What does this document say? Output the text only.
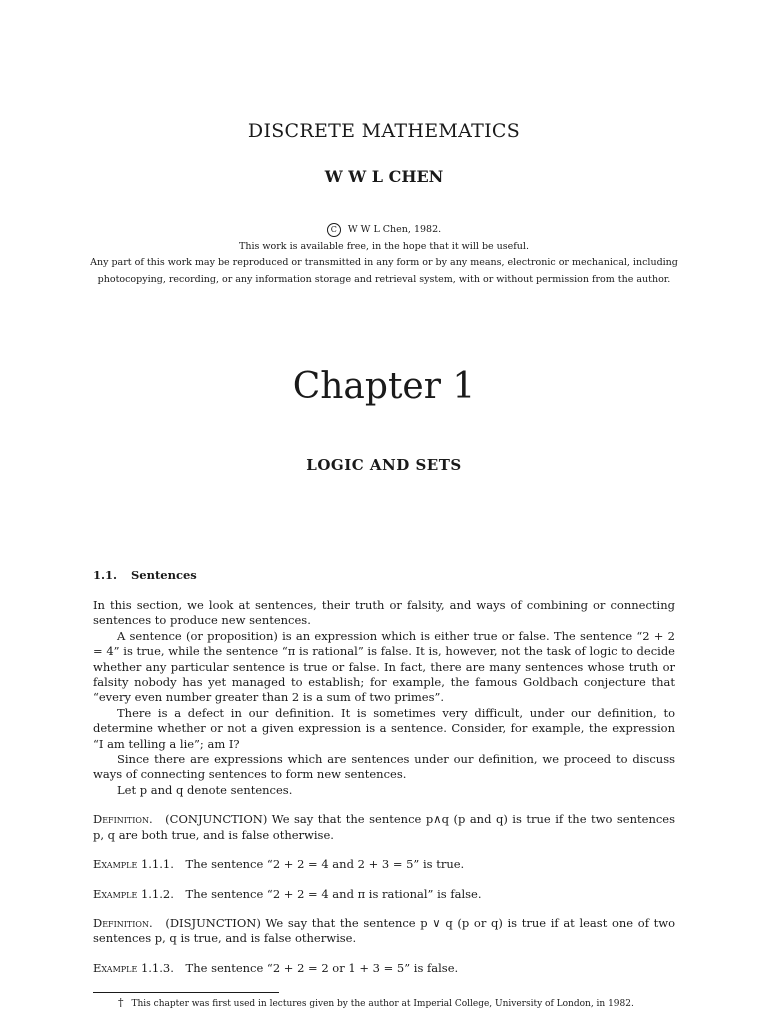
DISCRETE MATHEMATICS
W W L CHEN
C W W L Chen, 1982.
This work is available free, in the hope that it will be useful.
Any part of this work may be reproduced or transmitted in any form or by any means, electronic or mechanical, including
photocopying, recording, or any information storage and retrieval system, with or without permission from the author.
Chapter 1
LOGIC AND SETS
1.1. Sentences

In this section, we look at sentences, their truth or falsity, and ways of combining or connecting sentences to produce new sentences.

A sentence (or proposition) is an expression which is either true or false. The sentence “2 + 2 = 4” is true, while the sentence “π is rational” is false. It is, however, not the task of logic to decide whether any particular sentence is true or false. In fact, there are many sentences whose truth or falsity nobody has yet managed to establish; for example, the famous Goldbach conjecture that “every even number greater than 2 is a sum of two primes”.

There is a defect in our definition. It is sometimes very difficult, under our definition, to determine whether or not a given expression is a sentence. Consider, for example, the expression “I am telling a lie”; am I?

Since there are expressions which are sentences under our definition, we proceed to discuss ways of connecting sentences to form new sentences.

Let p and q denote sentences.

Definition. (CONJUNCTION) We say that the sentence p∧q (p and q) is true if the two sentences p, q are both true, and is false otherwise.

Example 1.1.1. The sentence “2 + 2 = 4 and 2 + 3 = 5” is true.

Example 1.1.2. The sentence “2 + 2 = 4 and π is rational” is false.

Definition. (DISJUNCTION) We say that the sentence p ∨ q (p or q) is true if at least one of two sentences p, q is true, and is false otherwise.

Example 1.1.3. The sentence “2 + 2 = 2 or 1 + 3 = 5” is false.

† This chapter was first used in lectures given by the author at Imperial College, University of London, in 1982.
